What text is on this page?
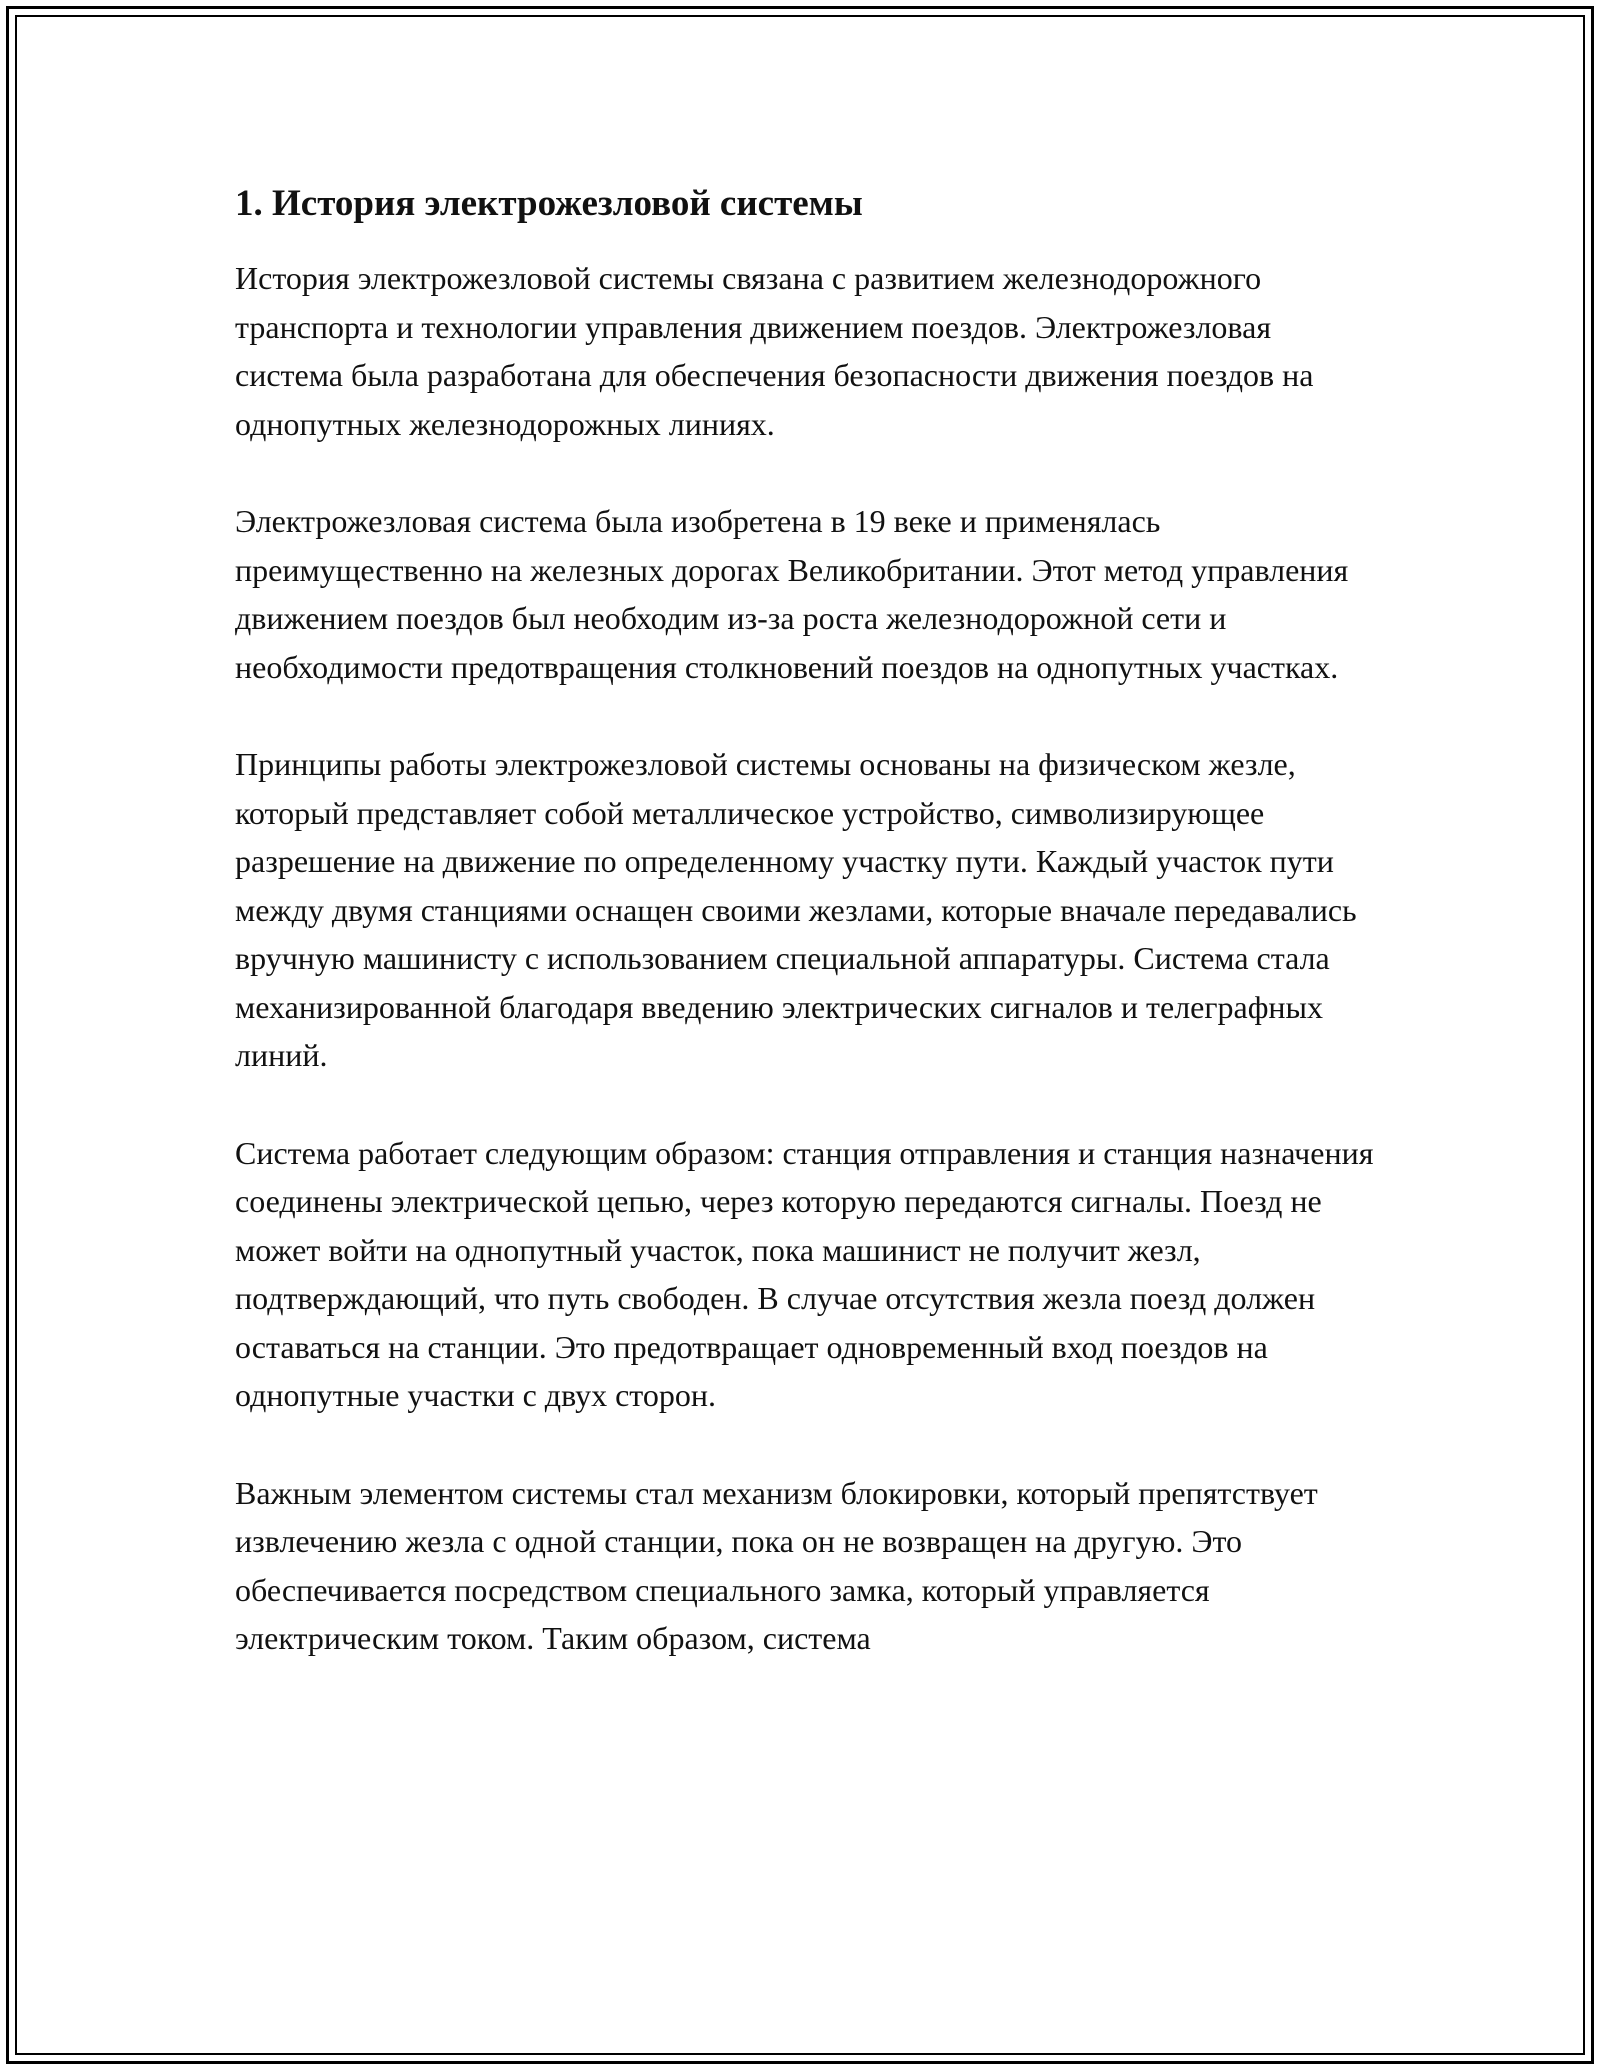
1. История электрожезловой системы

История электрожезловой системы связана с развитием железнодорожного транспорта и технологии управления движением поездов. Электрожезловая система была разработана для обеспечения безопасности движения поездов на однопутных железнодорожных линиях.

Электрожезловая система была изобретена в 19 веке и применялась преимущественно на железных дорогах Великобритании. Этот метод управления движением поездов был необходим из-за роста железнодорожной сети и необходимости предотвращения столкновений поездов на однопутных участках.

Принципы работы электрожезловой системы основаны на физическом жезле, который представляет собой металлическое устройство, символизирующее разрешение на движение по определенному участку пути. Каждый участок пути между двумя станциями оснащен своими жезлами, которые вначале передавались вручную машинисту с использованием специальной аппаратуры. Система стала механизированной благодаря введению электрических сигналов и телеграфных линий.

Система работает следующим образом: станция отправления и станция назначения соединены электрической цепью, через которую передаются сигналы. Поезд не может войти на однопутный участок, пока машинист не получит жезл, подтверждающий, что путь свободен. В случае отсутствия жезла поезд должен оставаться на станции. Это предотвращает одновременный вход поездов на однопутные участки с двух сторон.

Важным элементом системы стал механизм блокировки, который препятствует извлечению жезла с одной станции, пока он не возвращен на другую. Это обеспечивается посредством специального замка, который управляется электрическим током. Таким образом, система
